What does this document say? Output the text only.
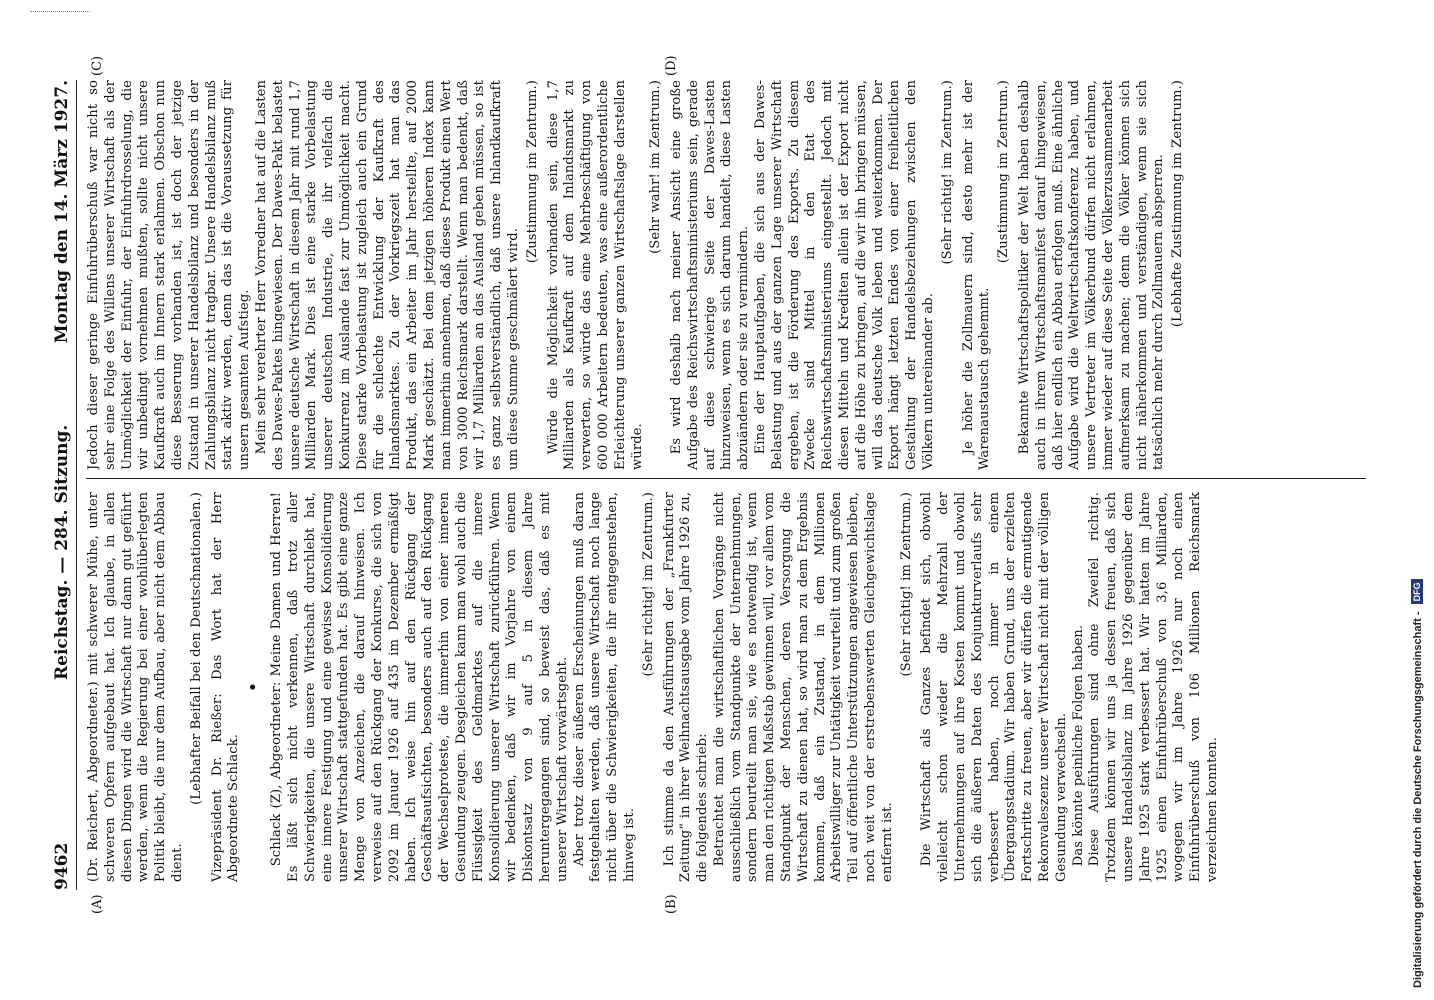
9462
Reichstag. — 284. Sitzung.
Montag den 14. März 1927.
(A)	(B)
(C)	(D)

(Dr. Reichert, Abgeordneter.) mit schwerer Mühe, unter schweren Opfern aufgebaut hat. Ich glaube, in allen diesen Dingen wird die Wirtschaft nur dann gut geführt werden, wenn die Regierung bei einer wohlüberlegten Politik bleibt, die nur dem Aufbau, aber nicht dem Abbau dient.

(Lebhafter Beifall bei den Deutschnationalen.) Vizepräsident Dr. Rießer: Das Wort hat der Herr Abgeordnete Schlack.

• Schlack (Z), Abgeordneter: Meine Damen und Herren! Es läßt sich nicht verkennen, daß trotz aller Schwierigkeiten, die unsere Wirtschaft durchlebt hat, eine innere Festigung und eine gewisse Konsolidierung unserer Wirtschaft stattgefunden hat. Es gibt eine ganze Menge von Anzeichen, die darauf hinweisen. Ich verweise auf den Rückgang der Konkurse, die sich von 2092 im Januar 1926 auf 435 im Dezember ermäßigt haben. Ich weise hin auf den Rückgang der Geschäftsaufsichten, besonders auch auf den Rückgang der Wechselproteste, die immerhin von einer inneren Gesundung zeugen. Desgleichen kann man wohl auch die Flüssigkeit des Geldmarktes auf die innere Konsolidierung unserer Wirtschaft zurückführen. Wenn wir bedenken, daß wir im Vorjahre von einem Diskontsatz von 9 auf 5 in diesem Jahre heruntergegangen sind, so beweist das, daß es mit unserer Wirtschaft vorwärtsgeht. Aber trotz dieser äußeren Erscheinungen muß daran festgehalten werden, daß unsere Wirtschaft noch lange nicht über die Schwierigkeiten, die ihr entgegenstehen, hinweg ist.

(Sehr richtig! im Zentrum.) Ich stimme da den Ausführungen der „Frankfurter Zeitung“ in ihrer Weihnachtsausgabe vom Jahre 1926 zu, die folgendes schrieb: Betrachtet man die wirtschaftlichen Vorgänge nicht ausschließlich vom Standpunkte der Unternehmungen, sondern beurteilt man sie, wie es notwendig ist, wenn man den richtigen Maßstab gewinnen will, vor allem vom Standpunkt der Menschen, deren Versorgung die Wirtschaft zu dienen hat, so wird man zu dem Ergebnis kommen, daß ein Zustand, in dem Millionen Arbeitswilliger zur Untätigkeit verurteilt und zum großen Teil auf öffentliche Unterstützungen angewiesen bleiben, noch weit von der erstrebenswerten Gleichgewichtslage entfernt ist.

(Sehr richtig! im Zentrum.) Die Wirtschaft als Ganzes befindet sich, obwohl vielleicht schon wieder die Mehrzahl der Unternehmungen auf ihre Kosten kommt und obwohl sich die äußeren Daten des Konjunkturverlaufs sehr verbessert haben, noch immer in einem Übergangsstadium. Wir haben Grund, uns der erzielten Fortschritte zu freuen, aber wir dürfen die ermutigende Rekonvaleszenz unserer Wirtschaft nicht mit der völligen Gesundung verwechseln. Das könnte peinliche Folgen haben. Diese Ausführungen sind ohne Zweifel richtig. Trotzdem können wir uns ja dessen freuen, daß sich unsere Handelsbilanz im Jahre 1926 gegenüber dem Jahre 1925 stark verbessert hat. Wir hatten im Jahre 1925 einen Einfuhrüberschuß von 3,6 Milliarden, wogegen wir im Jahre 1926 nur noch einen Einfuhrüberschuß von 106 Millionen Reichsmark verzeichnen konnten.

Jedoch dieser geringe Einfuhrüberschuß war nicht so sehr eine Folge des Willens unserer Wirtschaft als der Unmöglichkeit der Einfuhr, der Einfuhrdrosselung, die wir unbedingt vornehmen mußten, sollte nicht unsere Kaufkraft auch im Innern stark erlahmen. Obschon nun diese Besserung vorhanden ist, ist doch der jetzige Zustand in unserer Handelsbilanz und besonders in der Zahlungsbilanz nicht tragbar. Unsere Handelsbilanz muß stark aktiv werden, denn das ist die Voraussetzung für unsern gesamten Aufstieg. Mein sehr verehrter Herr Vorredner hat auf die Lasten des Dawes-Paktes hingewiesen. Der Dawes-Pakt belastet unsere deutsche Wirtschaft in diesem Jahr mit rund 1,7 Milliarden Mark. Dies ist eine starke Vorbelastung unserer deutschen Industrie, die ihr vielfach die Konkurrenz im Auslande fast zur Unmöglichkeit macht. Diese starke Vorbelastung ist zugleich auch ein Grund für die schlechte Entwicklung der Kaufkraft des Inlandsmarktes. Zu der Vorkriegszeit hat man das Produkt, das ein Arbeiter im Jahr herstellte, auf 2000 Mark geschätzt. Bei dem jetzigen höheren Index kann man immerhin annehmen, daß dieses Produkt einen Wert von 3000 Reichsmark darstellt. Wenn man bedenkt, daß wir 1,7 Milliarden an das Ausland geben müssen, so ist es ganz selbstverständlich, daß unsere Inlandkaufkraft um diese Summe geschmälert wird.

(Zustimmung im Zentrum.) Würde die Möglichkeit vorhanden sein, diese 1,7 Milliarden als Kaufkraft auf dem Inlandsmarkt zu verwerten, so würde das eine Mehrbeschäftigung von 600 000 Arbeitern bedeuten, was eine außerordentliche Erleichterung unserer ganzen Wirtschaftslage darstellen würde.

(Sehr wahr! im Zentrum.) Es wird deshalb nach meiner Ansicht eine große Aufgabe des Reichswirtschaftsministeriums sein, gerade auf diese schwierige Seite der Dawes-Lasten hinzuweisen, wenn es sich darum handelt, diese Lasten abzuändern oder sie zu vermindern. Eine der Hauptaufgaben, die sich aus der Dawes-Belastung und aus der ganzen Lage unserer Wirtschaft ergeben, ist die Förderung des Exports. Zu diesem Zwecke sind Mittel in den Etat des Reichswirtschaftsministeriums eingestellt. Jedoch mit diesen Mitteln und Krediten allein ist der Export nicht auf die Höhe zu bringen, auf die wir ihn bringen müssen, will das deutsche Volk leben und weiterkommen. Der Export hängt letzten Endes von einer freiheitlichen Gestaltung der Handelsbeziehungen zwischen den Völkern untereinander ab.

(Sehr richtig! im Zentrum.) Je höher die Zollmauern sind, desto mehr ist der Warenaustausch gehemmt.

(Zustimmung im Zentrum.) Bekannte Wirtschaftspolitiker der Welt haben deshalb auch in ihrem Wirtschaftsmanifest darauf hingewiesen, daß hier endlich ein Abbau erfolgen muß. Eine ähnliche Aufgabe wird die Weltwirtschaftskonferenz haben, und unsere Vertreter im Völkerbund dürfen nicht erlahmen, immer wieder auf diese Seite der Völkerzusammenarbeit aufmerksam zu machen; denn die Völker können sich nicht näherkommen und verständigen, wenn sie sich tatsächlich mehr durch Zollmauern absperren. (Lebhafte Zustimmung im Zentrum.)

Digitalisierung gefördert durch die Deutsche Forschungsgemeinschaft - DFG
